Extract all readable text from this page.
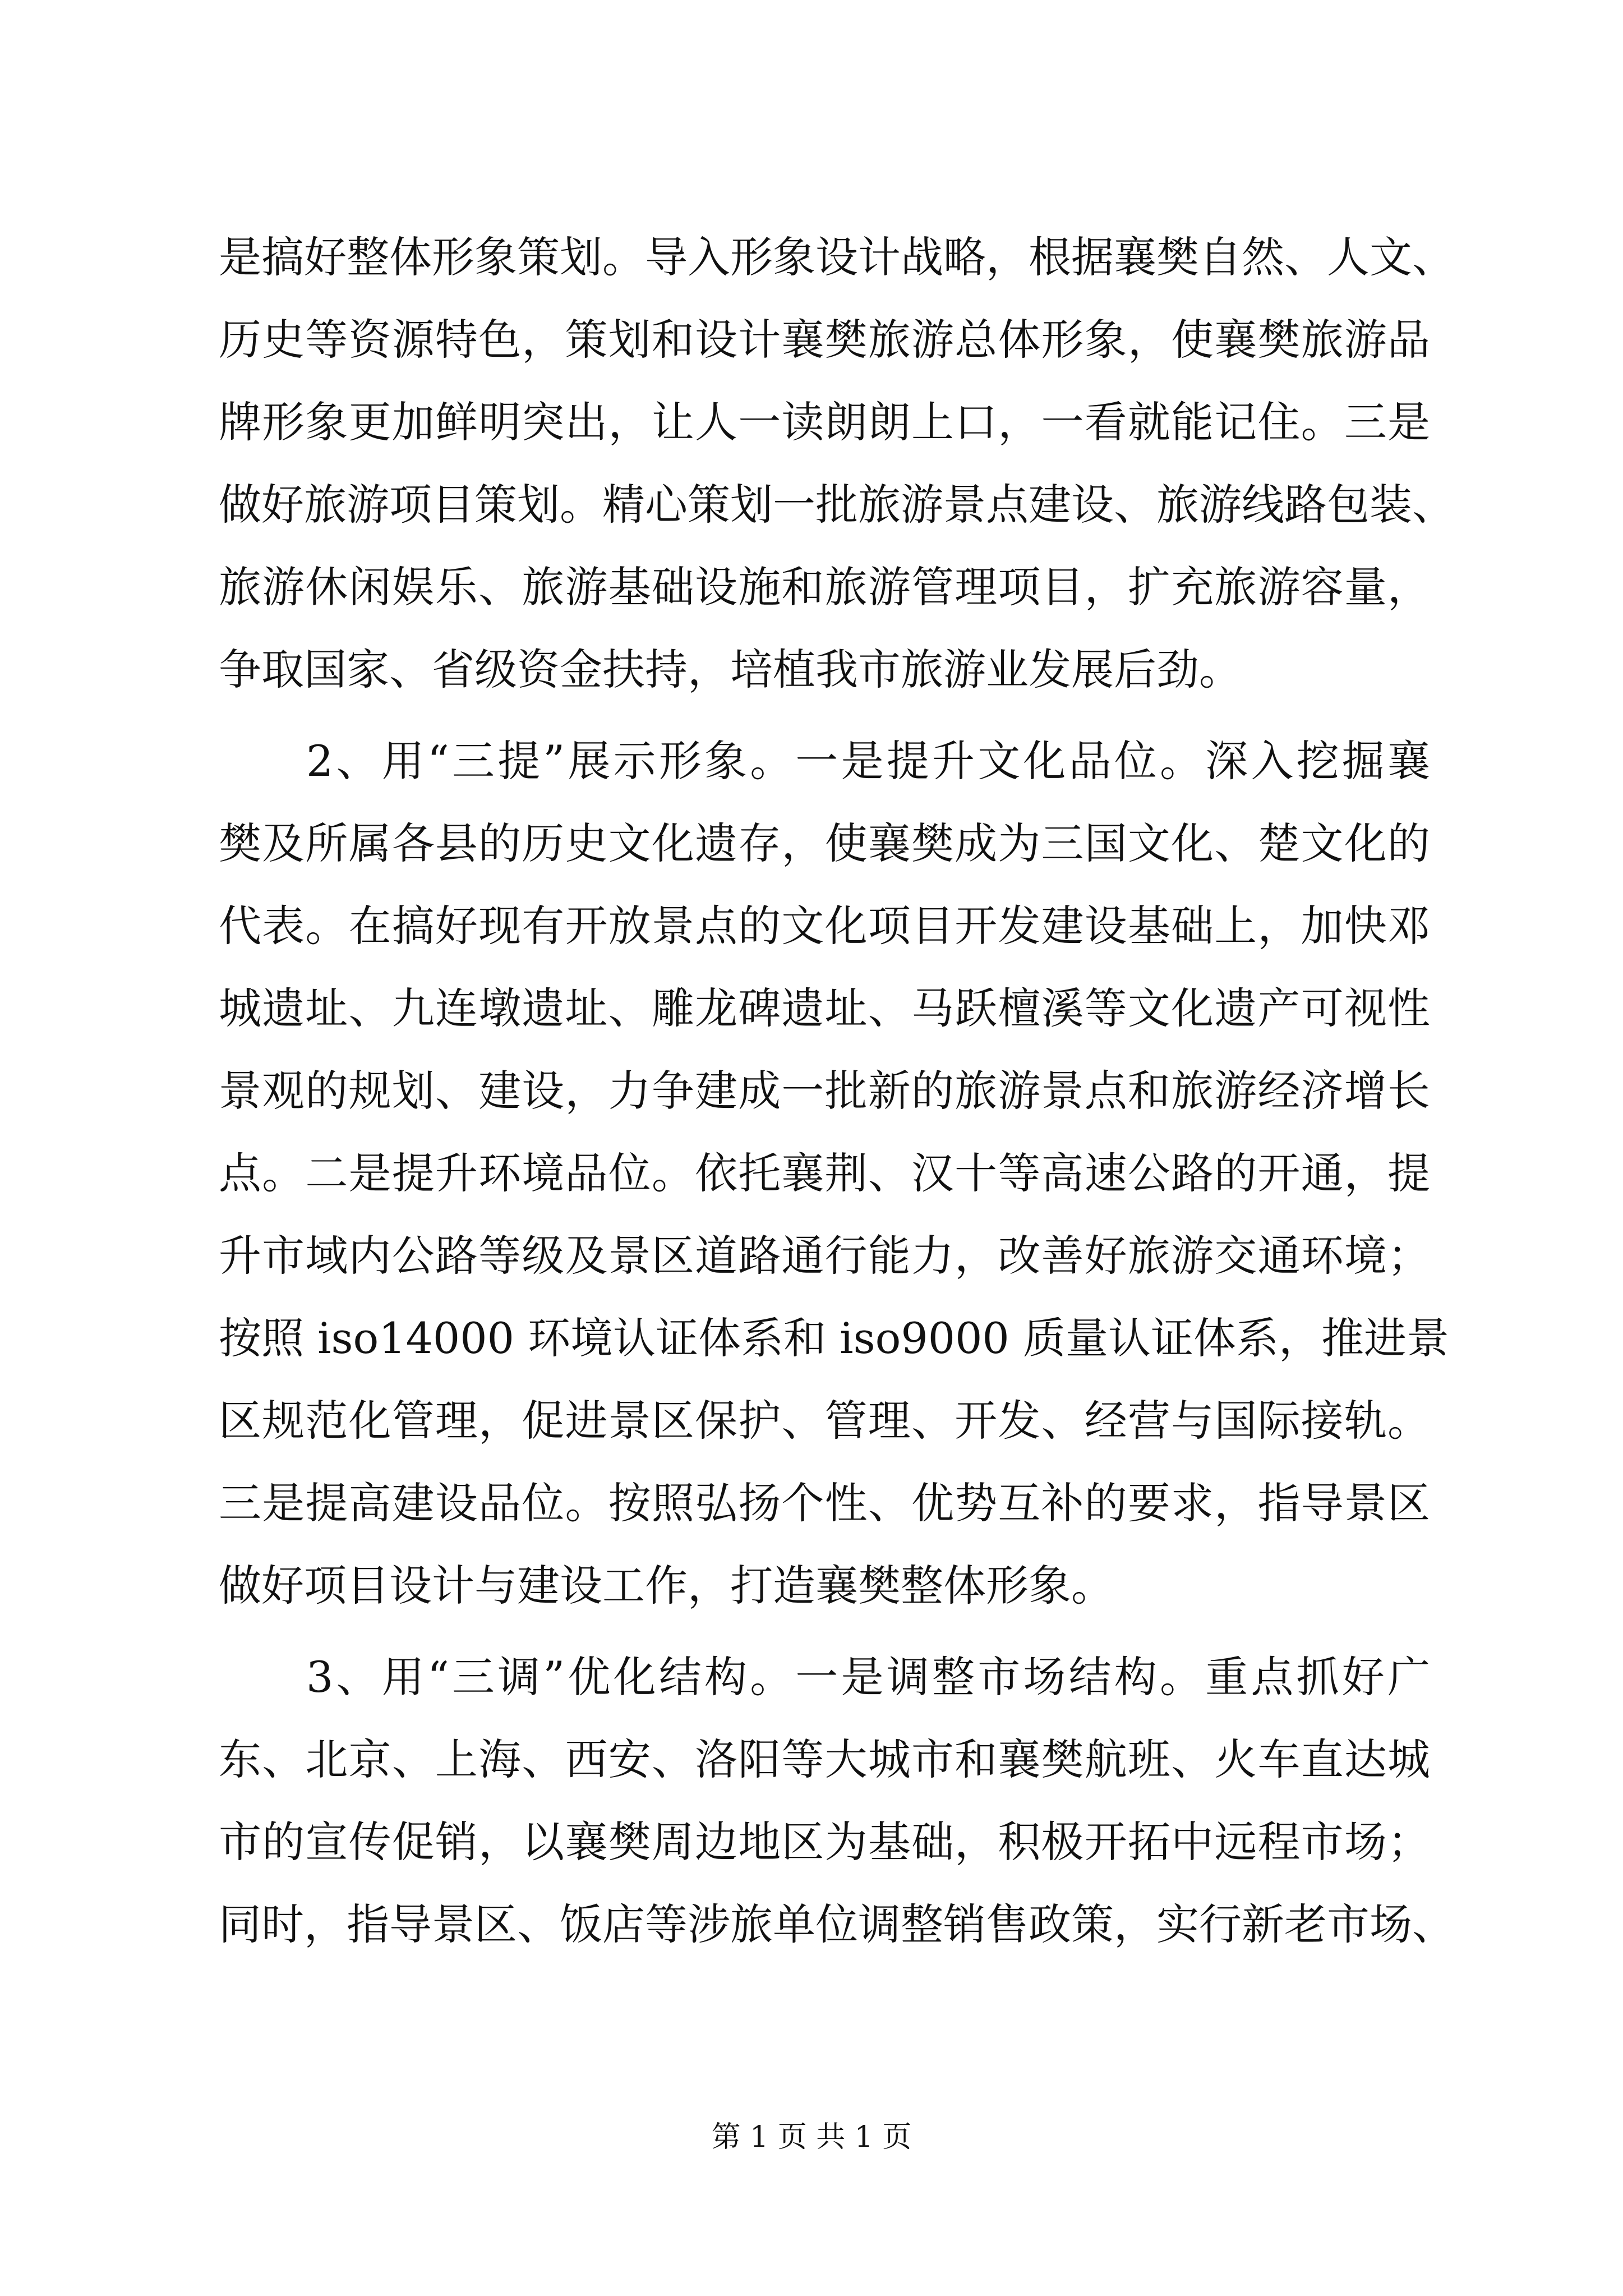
是搞好整体形象策划。导入形象设计战略，根据襄樊自然、人文、
历史等资源特色，策划和设计襄樊旅游总体形象，使襄樊旅游品
牌形象更加鲜明突出，让人一读朗朗上口，一看就能记住。三是
做好旅游项目策划。精心策划一批旅游景点建设、旅游线路包装、
旅游休闲娱乐、旅游基础设施和旅游管理项目，扩充旅游容量，
争取国家、省级资金扶持，培植我市旅游业发展后劲。
2、用“三提”展示形象。一是提升文化品位。深入挖掘襄
樊及所属各县的历史文化遗存，使襄樊成为三国文化、楚文化的
代表。在搞好现有开放景点的文化项目开发建设基础上，加快邓
城遗址、九连墩遗址、雕龙碑遗址、马跃檀溪等文化遗产可视性
景观的规划、建设，力争建成一批新的旅游景点和旅游经济增长
点。二是提升环境品位。依托襄荆、汉十等高速公路的开通，提
升市域内公路等级及景区道路通行能力，改善好旅游交通环境；
按照 iso14000 环境认证体系和 iso9000 质量认证体系，推进景
区规范化管理，促进景区保护、管理、开发、经营与国际接轨。
三是提高建设品位。按照弘扬个性、优势互补的要求，指导景区
做好项目设计与建设工作，打造襄樊整体形象。
3、用“三调”优化结构。一是调整市场结构。重点抓好广
东、北京、上海、西安、洛阳等大城市和襄樊航班、火车直达城
市的宣传促销，以襄樊周边地区为基础，积极开拓中远程市场；
同时，指导景区、饭店等涉旅单位调整销售政策，实行新老市场、
第 1 页 共 1 页
